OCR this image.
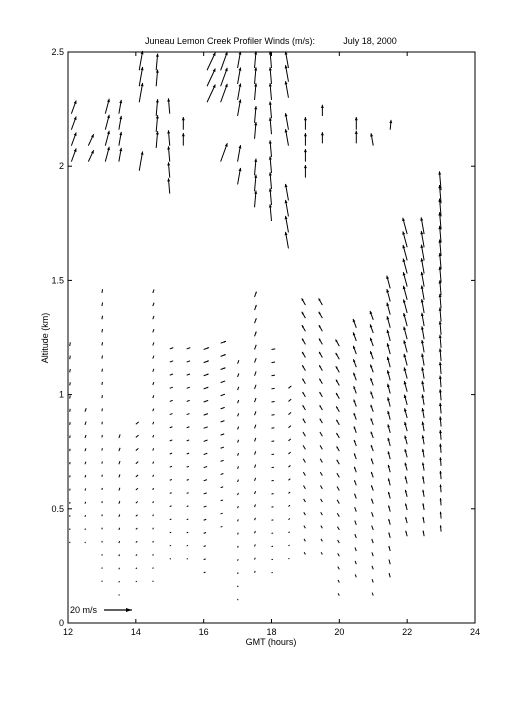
Juneau Lemon Creek Profiler Winds (m/s):	July 18, 2000
12	14	16	18	20	22	24
0
0.5
1
1.5
2
2.5
20 m/s
GMT (hours)
Altitude (km)
